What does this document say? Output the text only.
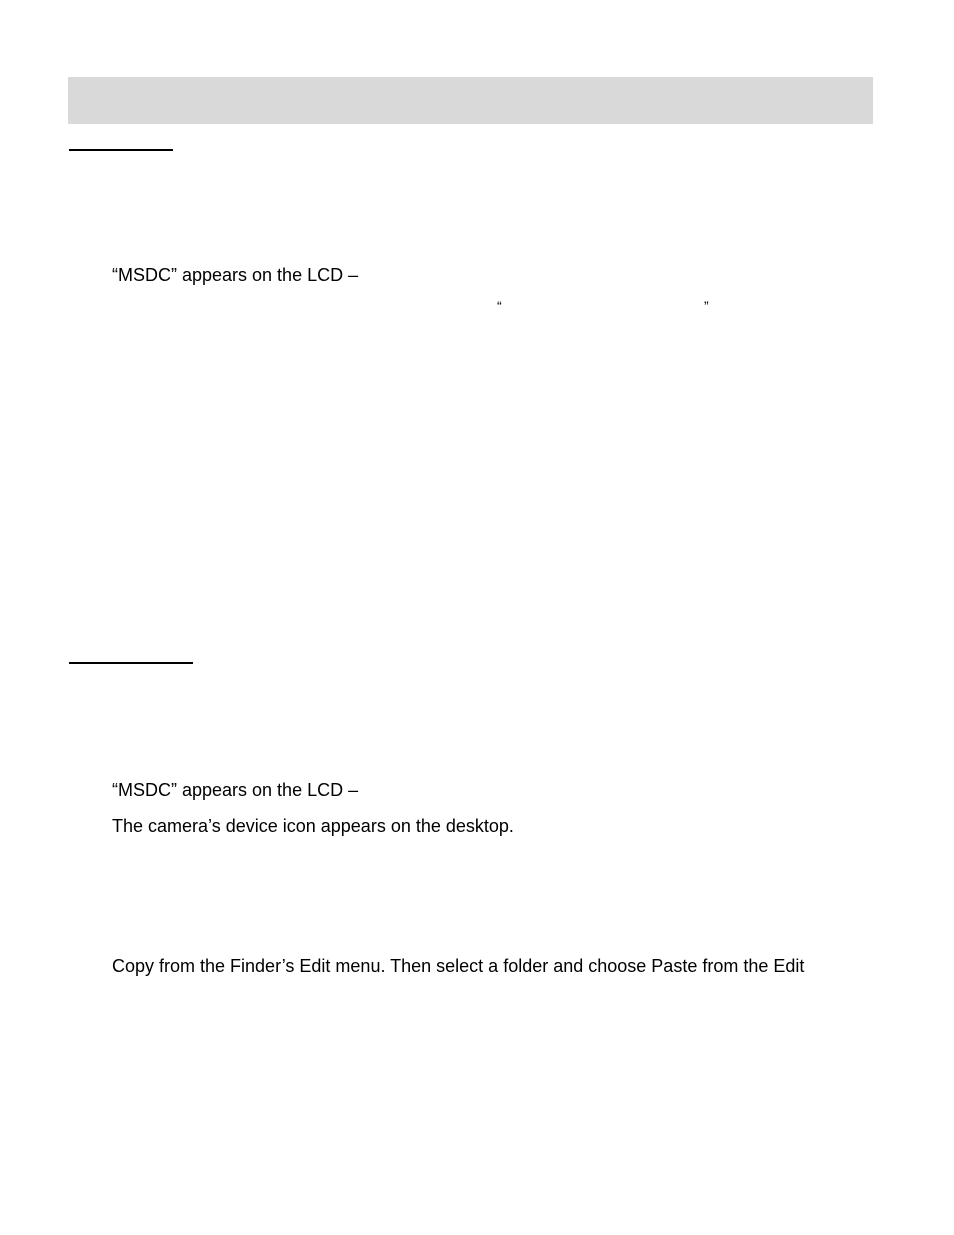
“MSDC” appears on the LCD –
“	”
“MSDC” appears on the LCD –
The camera’s device icon appears on the desktop.
Copy from the Finder’s Edit menu. Then select a folder and choose Paste from the Edit
